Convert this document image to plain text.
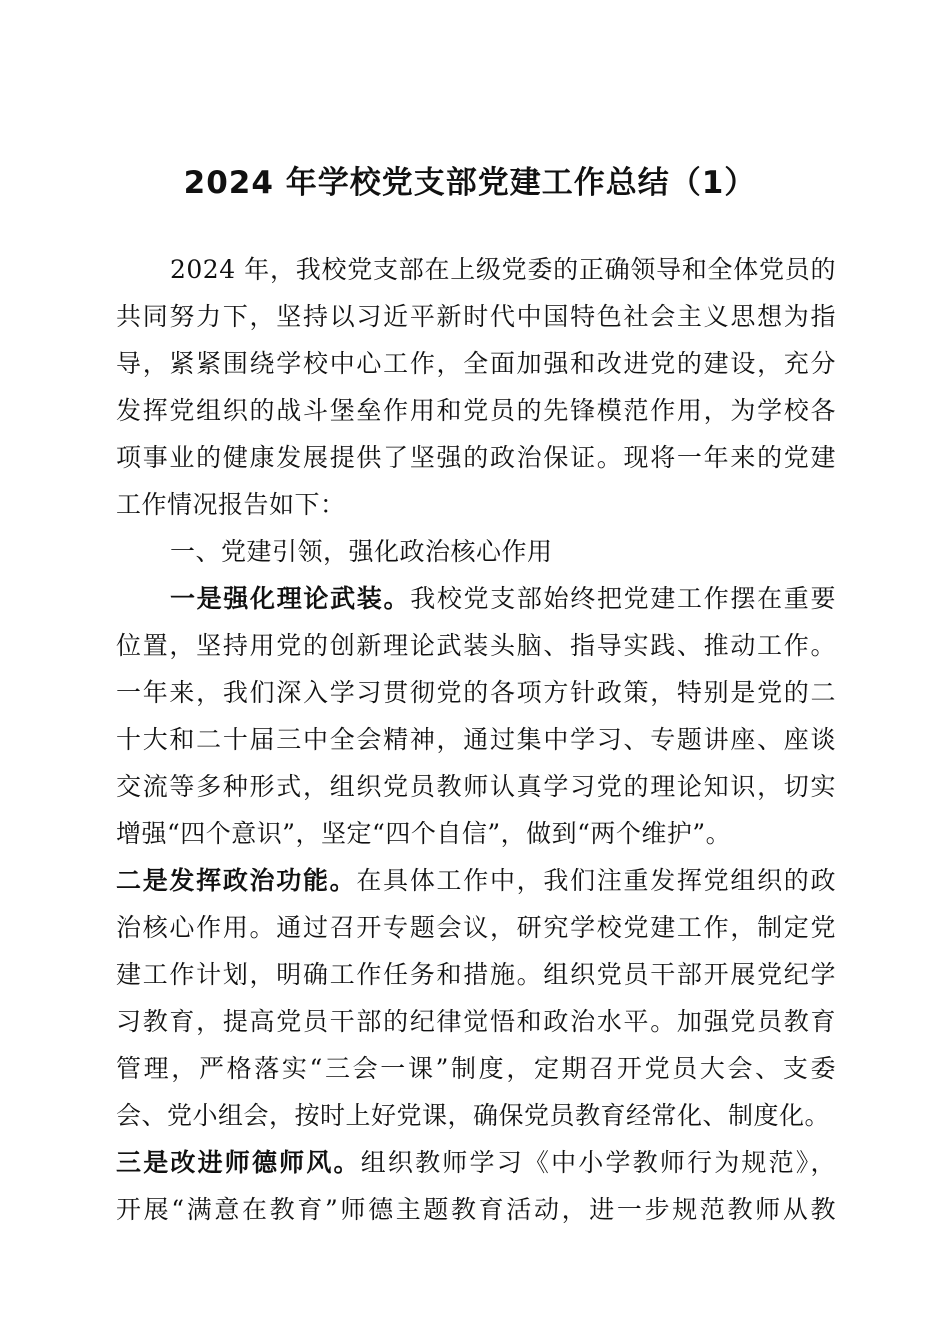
2024 年学校党支部党建工作总结（1）
2024 年，我校党支部在上级党委的正确领导和全体党员的
共同努力下，坚持以习近平新时代中国特色社会主义思想为指
导，紧紧围绕学校中心工作，全面加强和改进党的建设，充分
发挥党组织的战斗堡垒作用和党员的先锋模范作用，为学校各
项事业的健康发展提供了坚强的政治保证。现将一年来的党建
工作情况报告如下：
一、党建引领，强化政治核心作用
一是强化理论武装。我校党支部始终把党建工作摆在重要
位置，坚持用党的创新理论武装头脑、指导实践、推动工作。
一年来，我们深入学习贯彻党的各项方针政策，特别是党的二
十大和二十届三中全会精神，通过集中学习、专题讲座、座谈
交流等多种形式，组织党员教师认真学习党的理论知识，切实
增强“四个意识”，坚定“四个自信”，做到“两个维护”。
二是发挥政治功能。在具体工作中，我们注重发挥党组织的政
治核心作用。通过召开专题会议，研究学校党建工作，制定党
建工作计划，明确工作任务和措施。组织党员干部开展党纪学
习教育，提高党员干部的纪律觉悟和政治水平。加强党员教育
管理，严格落实“三会一课”制度，定期召开党员大会、支委
会、党小组会，按时上好党课，确保党员教育经常化、制度化。
三是改进师德师风。组织教师学习《中小学教师行为规范》，
开展“满意在教育”师德主题教育活动，进一步规范教师从教
